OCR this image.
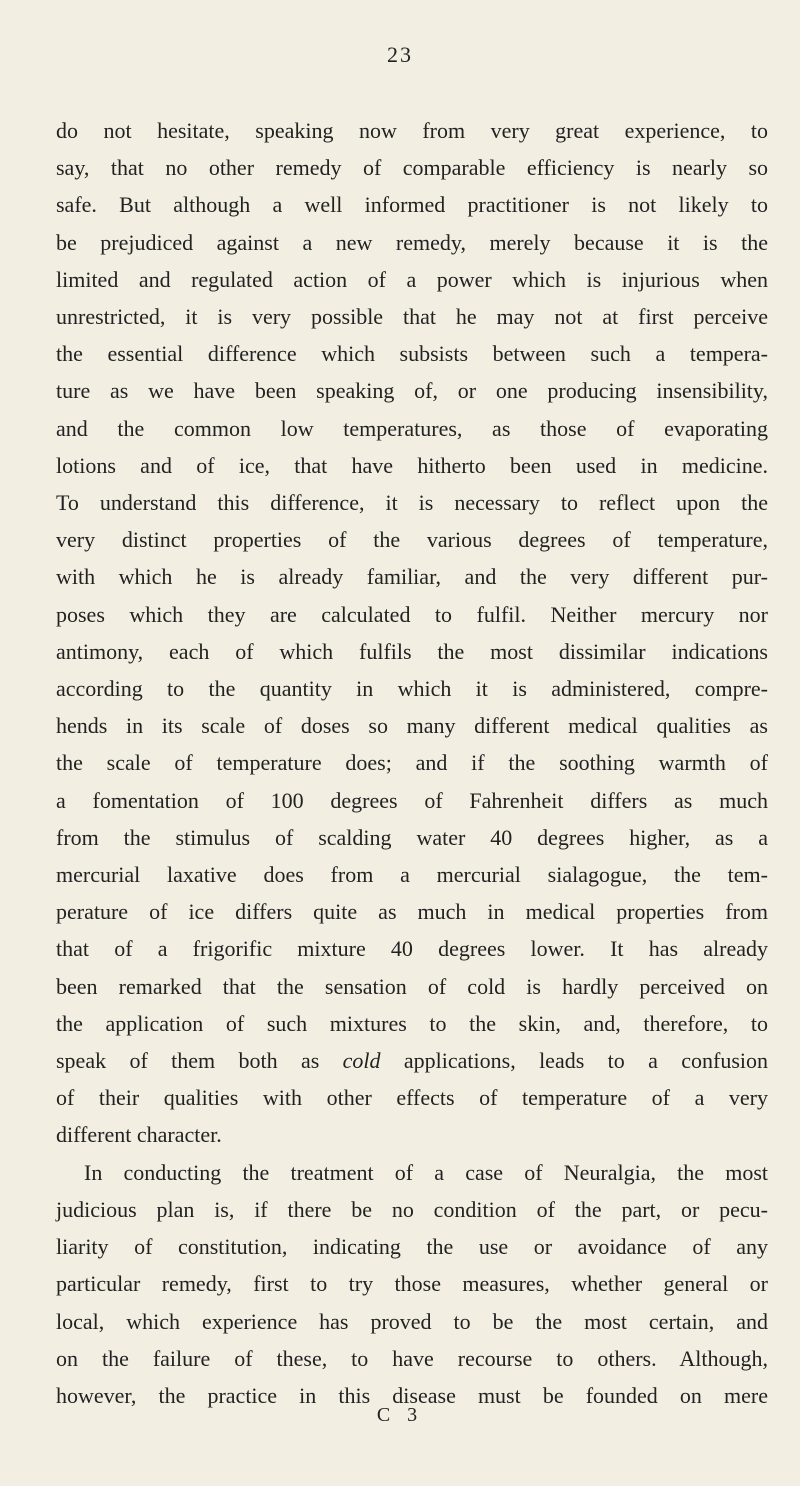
23
do not hesitate, speaking now from very great experience, to
say, that no other remedy of comparable efficiency is nearly so
safe. But although a well informed practitioner is not likely to
be prejudiced against a new remedy, merely because it is the
limited and regulated action of a power which is injurious when
unrestricted, it is very possible that he may not at first perceive
the essential difference which subsists between such a tempera-
ture as we have been speaking of, or one producing insensibility,
and the common low temperatures, as those of evaporating
lotions and of ice, that have hitherto been used in medicine.
To understand this difference, it is necessary to reflect upon the
very distinct properties of the various degrees of temperature,
with which he is already familiar, and the very different pur-
poses which they are calculated to fulfil. Neither mercury nor
antimony, each of which fulfils the most dissimilar indications
according to the quantity in which it is administered, compre-
hends in its scale of doses so many different medical qualities as
the scale of temperature does; and if the soothing warmth of
a fomentation of 100 degrees of Fahrenheit differs as much
from the stimulus of scalding water 40 degrees higher, as a
mercurial laxative does from a mercurial sialagogue, the tem-
perature of ice differs quite as much in medical properties from
that of a frigorific mixture 40 degrees lower. It has already
been remarked that the sensation of cold is hardly perceived on
the application of such mixtures to the skin, and, therefore, to
speak of them both as cold applications, leads to a confusion
of their qualities with other effects of temperature of a very
different character.
In conducting the treatment of a case of Neuralgia, the most
judicious plan is, if there be no condition of the part, or pecu-
liarity of constitution, indicating the use or avoidance of any
particular remedy, first to try those measures, whether general or
local, which experience has proved to be the most certain, and
on the failure of these, to have recourse to others. Although,
however, the practice in this disease must be founded on mere
C 3
